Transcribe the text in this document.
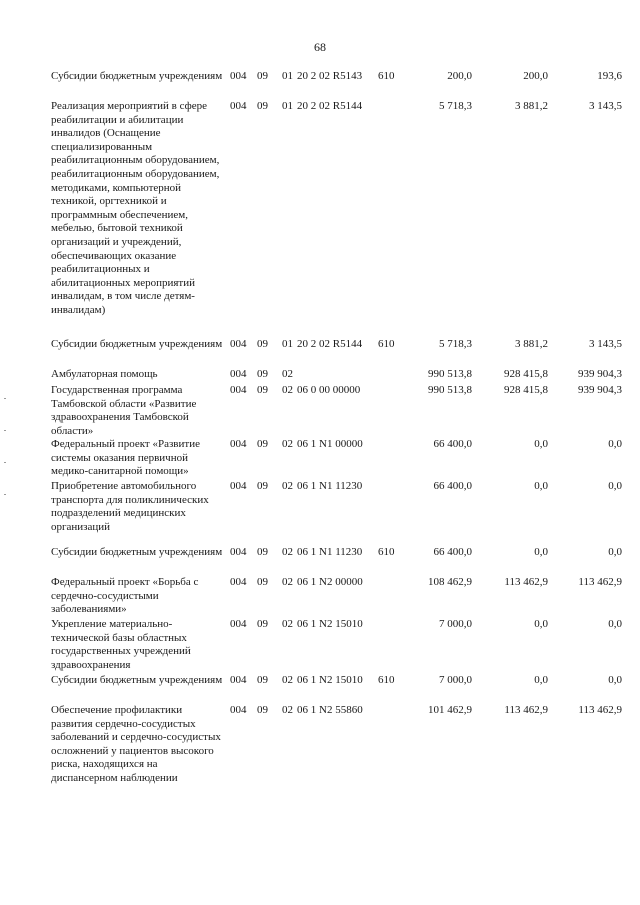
68
Субсидии бюджетным учреждениям 004 09 01 20 2 02 R5143 610	200,0	200,0	193,6
Реализация мероприятий в сфере реабилитации и абилитации инвалидов (Оснащение специализированным реабилитационным оборудованием, реабилитационным оборудованием, методиками, компьютерной техникой, оргтехникой и программным обеспечением, мебелью, бытовой техникой организаций и учреждений, обеспечивающих оказание реабилитационных и абилитационных мероприятий инвалидам, в том числе детям-инвалидам)
004 09 01 20 2 02 R5144	5 718,3	3 881,2	3 143,5
Субсидии бюджетным учреждениям 004 09 01 20 2 02 R5144 610	5 718,3	3 881,2	3 143,5
Амбулаторная помощь	004 09 02	990 513,8	928 415,8	939 904,3
Государственная программа Тамбовской области «Развитие здравоохранения Тамбовской области»
004 09 02 06 0 00 00000	990 513,8	928 415,8	939 904,3
Федеральный проект «Развитие системы оказания первичной медико-санитарной помощи»
004 09 02 06 1 N1 00000	66 400,0	0,0	0,0
Приобретение автомобильного транспорта для поликлинических подразделений медицинских организаций
004 09 02 06 1 N1 11230	66 400,0	0,0	0,0
Субсидии бюджетным учреждениям 004 09 02 06 1 N1 11230 610	66 400,0	0,0	0,0
Федеральный проект «Борьба с сердечно-сосудистыми заболеваниями»
004 09 02 06 1 N2 00000	108 462,9	113 462,9	113 462,9
Укрепление материально-технической базы областных государственных учреждений здравоохранения
004 09 02 06 1 N2 15010	7 000,0	0,0	0,0
Субсидии бюджетным учреждениям 004 09 02 06 1 N2 15010 610	7 000,0	0,0	0,0
Обеспечение профилактики развития сердечно-сосудистых заболеваний и сердечно-сосудистых осложнений у пациентов высокого риска, находящихся на диспансерном наблюдении
004 09 02 06 1 N2 55860	101 462,9	113 462,9	113 462,9
